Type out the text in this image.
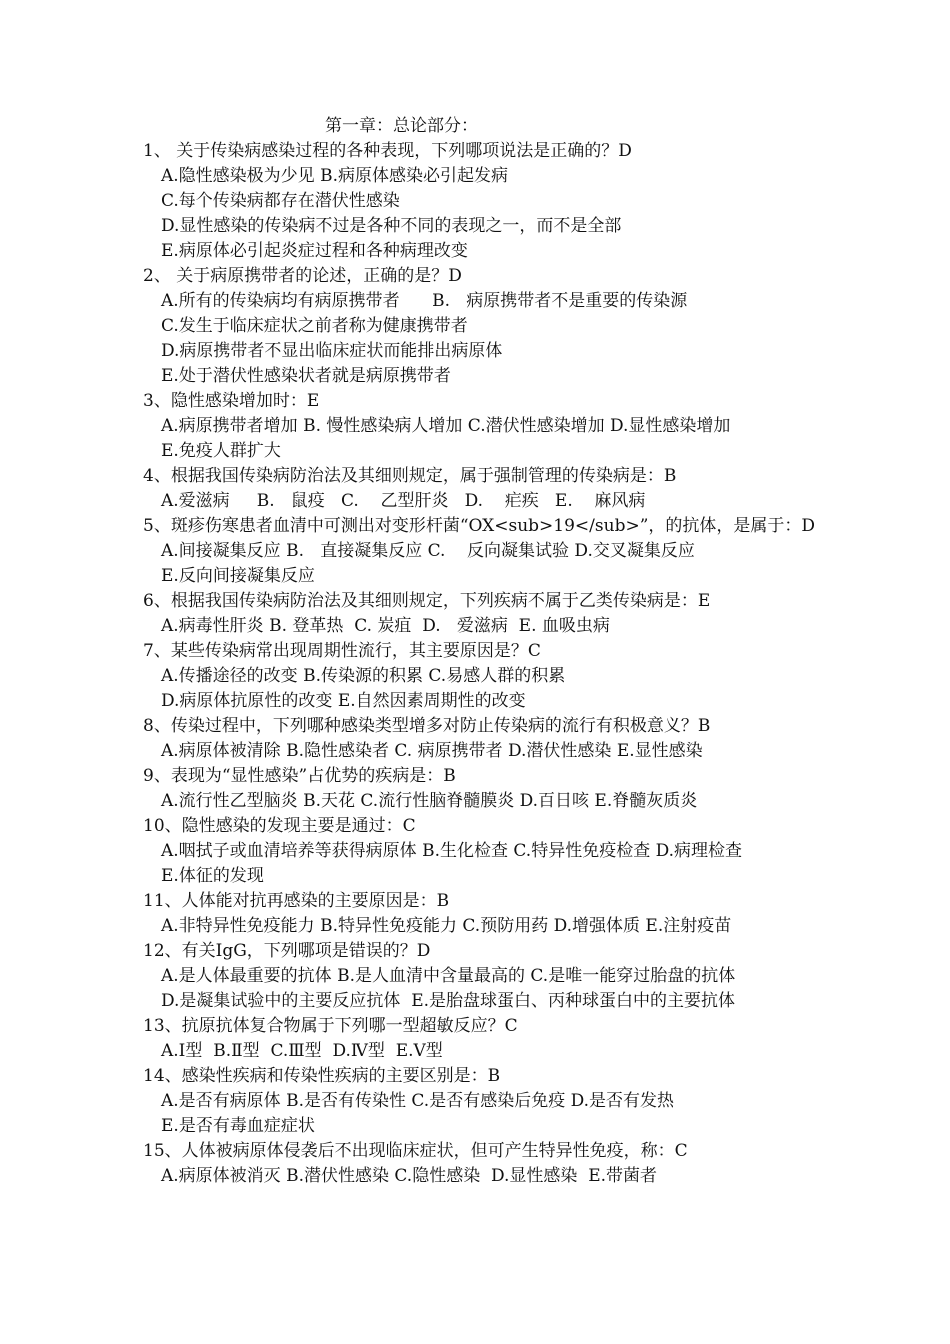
第一章：总论部分：
1、 关于传染病感染过程的各种表现，下列哪项说法是正确的？D
A.隐性感染极为少见 B.病原体感染必引起发病
C.每个传染病都存在潜伏性感染
D.显性感染的传染病不过是各种不同的表现之一，而不是全部
E.病原体必引起炎症过程和各种病理改变
2、 关于病原携带者的论述，正确的是？D
A.所有的传染病均有病原携带者      B.   病原携带者不是重要的传染源
C.发生于临床症状之前者称为健康携带者
D.病原携带者不显出临床症状而能排出病原体
E.处于潜伏性感染状者就是病原携带者
3、隐性感染增加时：E
A.病原携带者增加 B. 慢性感染病人增加 C.潜伏性感染增加 D.显性感染增加
E.免疫人群扩大
4、根据我国传染病防治法及其细则规定，属于强制管理的传染病是：B
A.爱滋病     B.   鼠疫   C.    乙型肝炎   D.    疟疾   E.    麻风病
5、斑疹伤寒患者血清中可测出对变形杆菌“OX<sub>19</sub>”，的抗体，是属于：D
A.间接凝集反应 B.   直接凝集反应 C.    反向凝集试验 D.交叉凝集反应
E.反向间接凝集反应
6、根据我国传染病防治法及其细则规定，下列疾病不属于乙类传染病是：E
A.病毒性肝炎 B. 登革热  C. 炭疽  D.   爱滋病  E. 血吸虫病
7、某些传染病常出现周期性流行，其主要原因是？C
A.传播途径的改变 B.传染源的积累 C.易感人群的积累
D.病原体抗原性的改变 E.自然因素周期性的改变
8、传染过程中，下列哪种感染类型增多对防止传染病的流行有积极意义？B
A.病原体被清除 B.隐性感染者 C. 病原携带者 D.潜伏性感染 E.显性感染
9、表现为“显性感染”占优势的疾病是：B
A.流行性乙型脑炎 B.天花 C.流行性脑脊髓膜炎 D.百日咳 E.脊髓灰质炎
10、隐性感染的发现主要是通过：C
A.咽拭子或血清培养等获得病原体 B.生化检查 C.特异性免疫检查 D.病理检查
E.体征的发现
11、人体能对抗再感染的主要原因是：B
A.非特异性免疫能力 B.特异性免疫能力 C.预防用药 D.增强体质 E.注射疫苗
12、有关IgG，下列哪项是错误的？D
A.是人体最重要的抗体 B.是人血清中含量最高的 C.是唯一能穿过胎盘的抗体
D.是凝集试验中的主要反应抗体  E.是胎盘球蛋白、丙种球蛋白中的主要抗体
13、抗原抗体复合物属于下列哪一型超敏反应？C
A.Ⅰ型  B.Ⅱ型  C.Ⅲ型  D.Ⅳ型  E.Ⅴ型
14、感染性疾病和传染性疾病的主要区别是：B
A.是否有病原体 B.是否有传染性 C.是否有感染后免疫 D.是否有发热
E.是否有毒血症症状
15、人体被病原体侵袭后不出现临床症状，但可产生特异性免疫，称：C
A.病原体被消灭 B.潜伏性感染 C.隐性感染  D.显性感染  E.带菌者
